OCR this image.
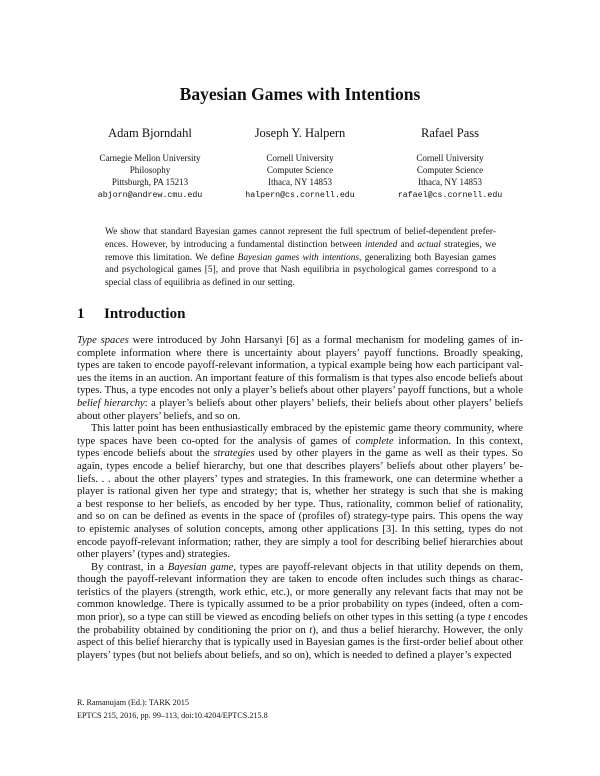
Bayesian Games with Intentions
Adam Bjorndahl	Joseph Y. Halpern	Rafael Pass
Carnegie Mellon University
Philosophy
Pittsburgh, PA 15213
Cornell University
Computer Science
Ithaca, NY 14853
Cornell University
Computer Science
Ithaca, NY 14853
abjorn@andrew.cmu.edu	halpern@cs.cornell.edu	rafael@cs.cornell.edu
We show that standard Bayesian games cannot represent the full spectrum of belief-dependent prefer-
ences. However, by introducing a fundamental distinction between intended and actual strategies, we
remove this limitation. We define Bayesian games with intentions, generalizing both Bayesian games
and psychological games [5], and prove that Nash equilibria in psychological games correspond to a
special class of equilibria as defined in our setting.
1 Introduction
Type spaces were introduced by John Harsanyi [6] as a formal mechanism for modeling games of in-
complete information where there is uncertainty about players’ payoff functions. Broadly speaking,
types are taken to encode payoff-relevant information, a typical example being how each participant val-
ues the items in an auction. An important feature of this formalism is that types also encode beliefs about
types. Thus, a type encodes not only a player’s beliefs about other players’ payoff functions, but a whole
belief hierarchy: a player’s beliefs about other players’ beliefs, their beliefs about other players’ beliefs
about other players’ beliefs, and so on.
This latter point has been enthusiastically embraced by the epistemic game theory community, where
type spaces have been co-opted for the analysis of games of complete information. In this context,
types encode beliefs about the strategies used by other players in the game as well as their types. So
again, types encode a belief hierarchy, but one that describes players’ beliefs about other players’ be-
liefs. . . about the other players’ types and strategies. In this framework, one can determine whether a
player is rational given her type and strategy; that is, whether her strategy is such that she is making
a best response to her beliefs, as encoded by her type. Thus, rationality, common belief of rationality,
and so on can be defined as events in the space of (profiles of) strategy-type pairs. This opens the way
to epistemic analyses of solution concepts, among other applications [3]. In this setting, types do not
encode payoff-relevant information; rather, they are simply a tool for describing belief hierarchies about
other players’ (types and) strategies.
By contrast, in a Bayesian game, types are payoff-relevant objects in that utility depends on them,
though the payoff-relevant information they are taken to encode often includes such things as charac-
teristics of the players (strength, work ethic, etc.), or more generally any relevant facts that may not be
common knowledge. There is typically assumed to be a prior probability on types (indeed, often a com-
mon prior), so a type can still be viewed as encoding beliefs on other types in this setting (a type t encodes
the probability obtained by conditioning the prior on t), and thus a belief hierarchy. However, the only
aspect of this belief hierarchy that is typically used in Bayesian games is the first-order belief about other
players’ types (but not beliefs about beliefs, and so on), which is needed to defined a player’s expected
R. Ramanujam (Ed.): TARK 2015
EPTCS 215, 2016, pp. 99–113, doi:10.4204/EPTCS.215.8
